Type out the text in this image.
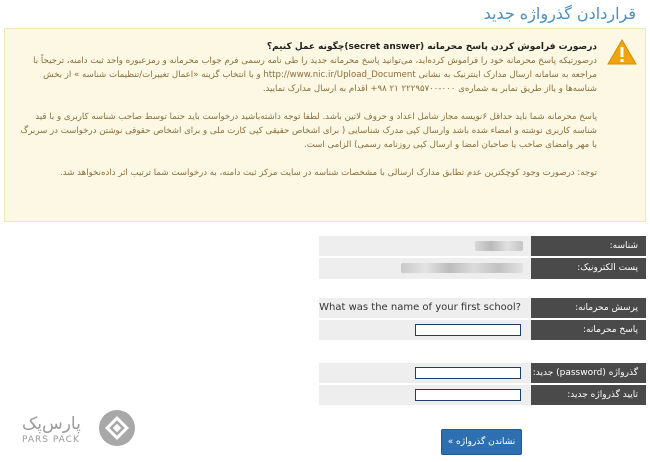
قراردادن گذرواژه جدید

درصورت فراموش کردن پاسخ محرمانه (secret answer)چگونه عمل کنیم؟

درصورتیکه پاسخ محرمانه خود را فراموش کرده‌اید، می‌توانید پاسخ محرمانه جدید را طی نامه رسمی فرم جواب محرمانه و رمزعبوره واحد ثبت دامنه، ترجیحاً با مراجعه به سامانه ارسال مدارک اینترنیک به نشانی http://www.nic.ir/Upload_Document و با انتخاب گزینه «اعمال تغییرات/تنظیمات شناسه » از بخش شناسه‌ها و یا‌از طریق نمابر به شماره‌ی ۰۰۰-۲۲۲۹۵۷۰۰ ۲۱ ۹۸+ اقدام به ارسال مدارک نمایید.

پاسخ محرمانه شما باید حداقل ۶نویسه مجاز شامل اعداد و حروف لاتین باشد. لطفا توجه داشته‌باشید درخواست باید حتما توسط صاحب شناسه کاربری و با قید شناسه کاربری نوشته و امضاء شده باشد وارسال کپی مدرک شناسایی ( برای اشخاص حقیقی کپی کارت ملی و برای اشخاص حقوقی نوشتن درخواست در سربرگ با مهر وامضای صاحب یا صاحبان امضا و ارسال کپی روزنامه رسمی) الزامی است.

توجه: درصورت وجود کوچکترین عدم تطابق مدارک ارسالی با مشخصات شناسه در سایت مرکز ثبت دامنه، به درخواست شما ترتیب اثر داده‌نخواهد شد.

شناسه:
پست الکترونیک:
پرسش محرمانه:
What was the name of your first school?
پاسخ محرمانه:
گذرواژه (password) جدید:
تایید گذرواژه جدید:
نشاندن گذرواژه »
پارس‌پک
PARS PACK
